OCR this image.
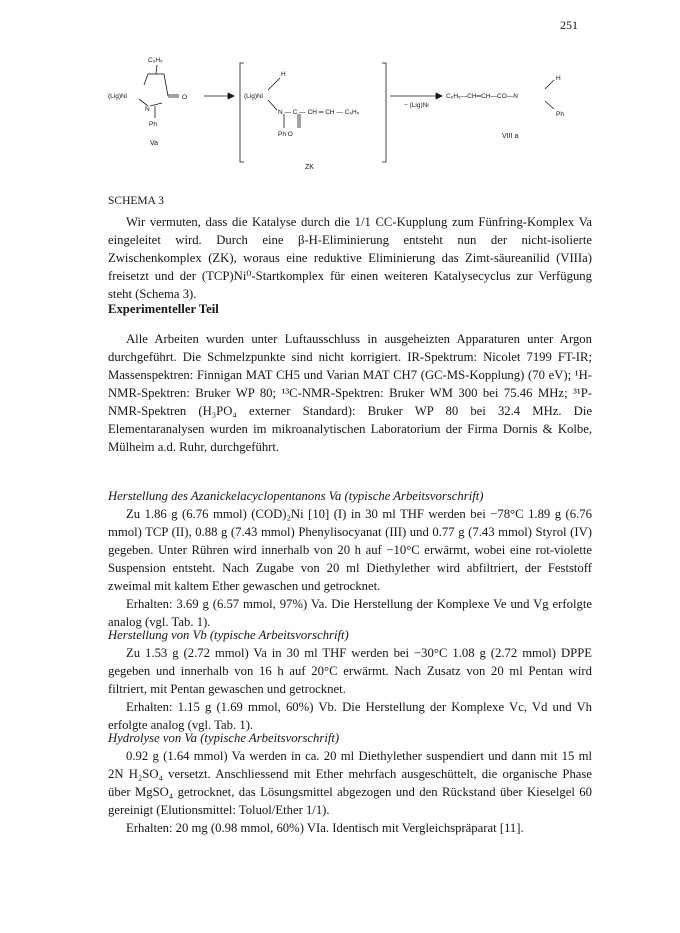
251
C₆H₅
(Lig)Ni	O
N
Ph
Va
H
(Lig)Ni
N — C — CH ═ CH — C₆H₅
Ph O
ZK
− (Lig)Ni
C₆H₅—CH═CH—CO—N
H
Ph
VIII a
SCHEMA 3

Wir vermuten, dass die Katalyse durch die 1/1 CC-Kupplung zum Fünfring-Komplex Va eingeleitet wird. Durch eine β-H-Eliminierung entsteht nun der nicht-isolierte Zwischenkomplex (ZK), woraus eine reduktive Eliminierung das Zimt-säureanilid (VIIIa) freisetzt und der (TCP)Ni⁰-Startkomplex für einen weiteren Katalysecyclus zur Verfügung steht (Schema 3).

Experimenteller Teil

Alle Arbeiten wurden unter Luftausschluss in ausgeheizten Apparaturen unter Argon durchgeführt. Die Schmelzpunkte sind nicht korrigiert. IR-Spektrum: Nicolet 7199 FT-IR; Massenspektren: Finnigan MAT CH5 und Varian MAT CH7 (GC-MS-Kopplung) (70 eV); ¹H-NMR-Spektren: Bruker WP 80; ¹³C-NMR-Spektren: Bruker WM 300 bei 75.46 MHz; ³¹P-NMR-Spektren (H₃PO₄ externer Standard): Bruker WP 80 bei 32.4 MHz. Die Elementaranalysen wurden im mikroanalytischen Laboratorium der Firma Dornis & Kolbe, Mülheim a.d. Ruhr, durchgeführt.

Herstellung des Azanickelacyclopentanons Va (typische Arbeitsvorschrift)

Zu 1.86 g (6.76 mmol) (COD)₂Ni [10] (I) in 30 ml THF werden bei −78°C 1.89 g (6.76 mmol) TCP (II), 0.88 g (7.43 mmol) Phenylisocyanat (III) und 0.77 g (7.43 mmol) Styrol (IV) gegeben. Unter Rühren wird innerhalb von 20 h auf −10°C erwärmt, wobei eine rot-violette Suspension entsteht. Nach Zugabe von 20 ml Diethylether wird abfiltriert, der Feststoff zweimal mit kaltem Ether gewaschen und getrocknet.

Erhalten: 3.69 g (6.57 mmol, 97%) Va. Die Herstellung der Komplexe Ve und Vg erfolgte analog (vgl. Tab. 1).

Herstellung von Vb (typische Arbeitsvorschrift)

Zu 1.53 g (2.72 mmol) Va in 30 ml THF werden bei −30°C 1.08 g (2.72 mmol) DPPE gegeben und innerhalb von 16 h auf 20°C erwärmt. Nach Zusatz von 20 ml Pentan wird filtriert, mit Pentan gewaschen und getrocknet.

Erhalten: 1.15 g (1.69 mmol, 60%) Vb. Die Herstellung der Komplexe Vc, Vd und Vh erfolgte analog (vgl. Tab. 1).

Hydrolyse von Va (typische Arbeitsvorschrift)

0.92 g (1.64 mmol) Va werden in ca. 20 ml Diethylether suspendiert und dann mit 15 ml 2N H₂SO₄ versetzt. Anschliessend mit Ether mehrfach ausgeschüttelt, die organische Phase über MgSO₄ getrocknet, das Lösungsmittel abgezogen und den Rückstand über Kieselgel 60 gereinigt (Elutionsmittel: Toluol/Ether 1/1).

Erhalten: 20 mg (0.98 mmol, 60%) VIa. Identisch mit Vergleichspräparat [11].
